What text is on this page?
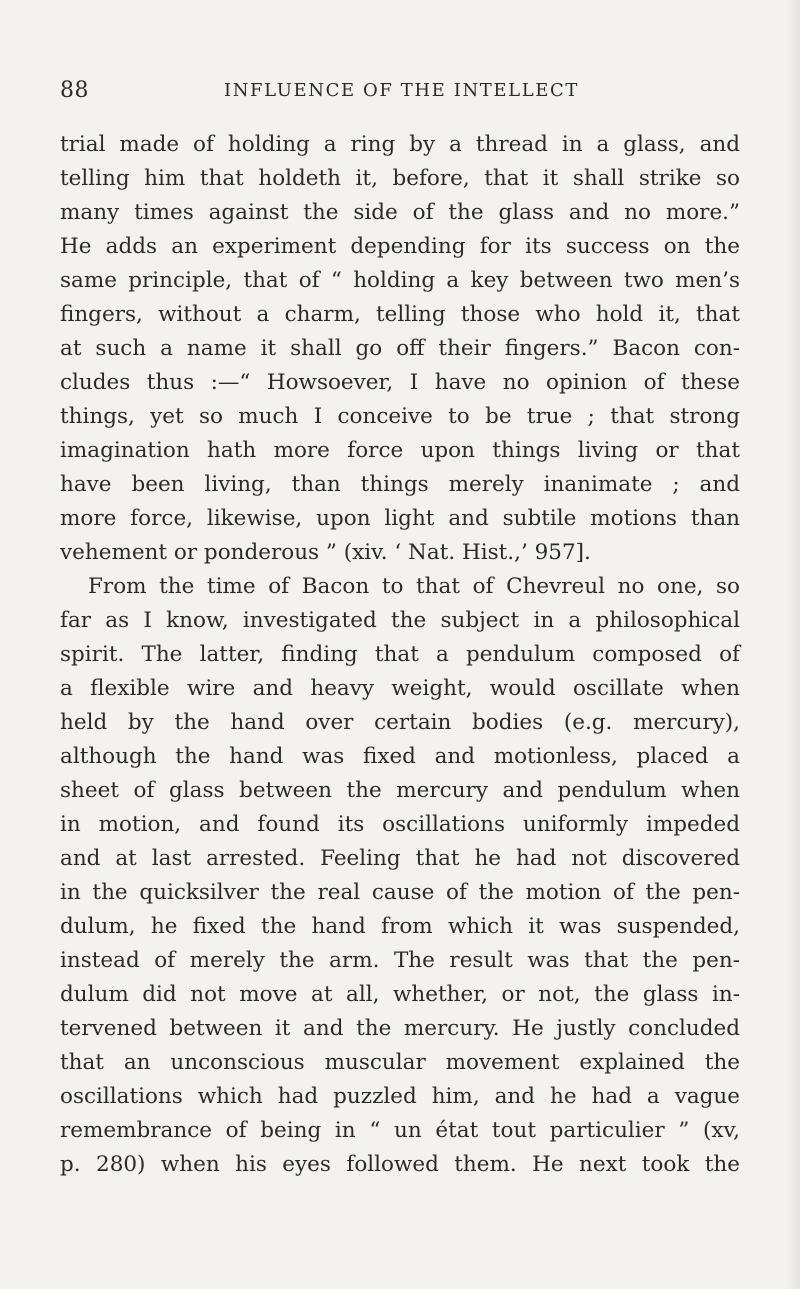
88	INFLUENCE OF THE INTELLECT
trial made of holding a ring by a thread in a glass, and
telling him that holdeth it, before, that it shall strike so
many times against the side of the glass and no more.”
He adds an experiment depending for its success on the
same principle, that of “ holding a key between two men’s
fingers, without a charm, telling those who hold it, that
at such a name it shall go off their fingers.” Bacon con-
cludes thus :—“ Howsoever, I have no opinion of these
things, yet so much I conceive to be true ; that strong
imagination hath more force upon things living or that
have been living, than things merely inanimate ; and
more force, likewise, upon light and subtile motions than
vehement or ponderous ” (xiv. ‘ Nat. Hist.,’ 957].
From the time of Bacon to that of Chevreul no one, so
far as I know, investigated the subject in a philosophical
spirit. The latter, finding that a pendulum composed of
a flexible wire and heavy weight, would oscillate when
held by the hand over certain bodies (e.g. mercury),
although the hand was fixed and motionless, placed a
sheet of glass between the mercury and pendulum when
in motion, and found its oscillations uniformly impeded
and at last arrested. Feeling that he had not discovered
in the quicksilver the real cause of the motion of the pen-
dulum, he fixed the hand from which it was suspended,
instead of merely the arm. The result was that the pen-
dulum did not move at all, whether, or not, the glass in-
tervened between it and the mercury. He justly concluded
that an unconscious muscular movement explained the
oscillations which had puzzled him, and he had a vague
remembrance of being in “ un état tout particulier ” (xv,
p. 280) when his eyes followed them. He next took the
